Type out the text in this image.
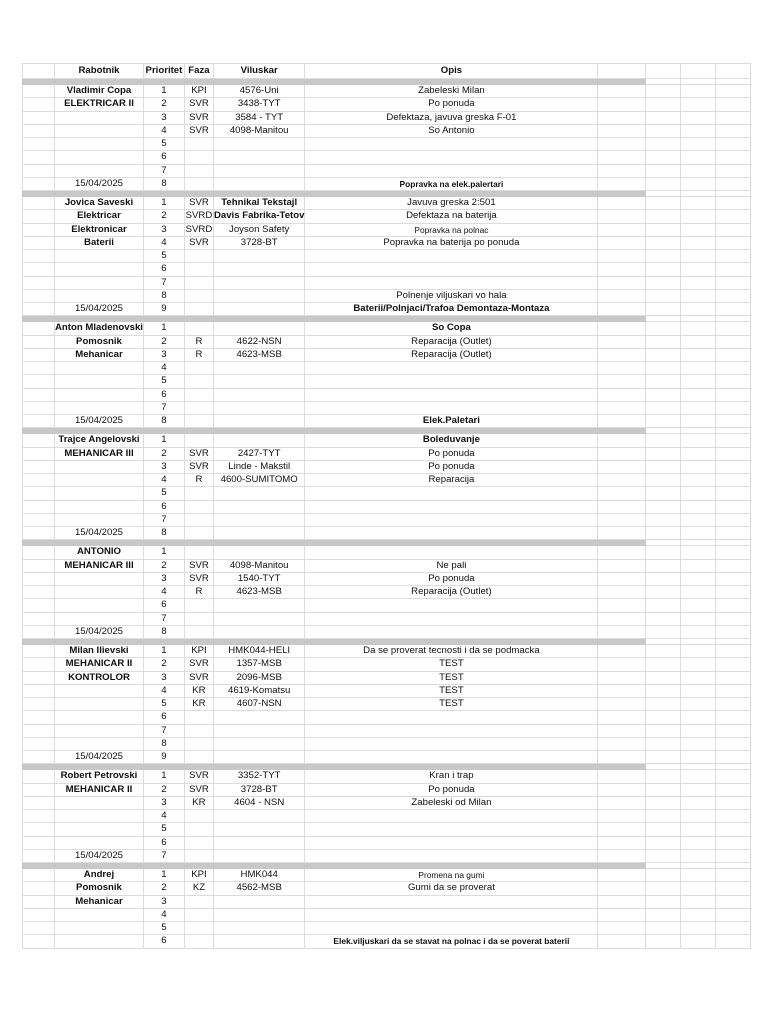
	Rabotnik	Prioritet	Faza	Viluskar	Opis				

	Vladimir Copa	1	KPI	4576-Uni	Zabeleski Milan				
	ELEKTRICAR II	2	SVR	3438-TYT	Po ponuda				
		3	SVR	3584 - TYT	Defektaza, javuva greska F-01				
		4	SVR	4098-Manitou	So Antonio				
		5							
		6							
		7							
	15/04/2025	8			Popravka na elek.palertari				

	Jovica Saveski	1	SVR	Tehnikal Tekstajl	Javuva greska 2:501				
	Elektricar	2	SVRD	Davis Fabrika-Tetov	Defektaza na baterija				
	Elektronicar	3	SVRD	Joyson Safety	Popravka na polnac				
	Baterii	4	SVR	3728-BT	Popravka na baterija po ponuda				
		5							
		6							
		7							
		8			Polnenje viljuskari vo hala				
	15/04/2025	9			Baterii/Polnjaci/Trafoa Demontaza-Montaza				

	Anton Mladenovski	1			So Copa				
	Pomosnik	2	R	4622-NSN	Reparacija (Outlet)				
	Mehanicar	3	R	4623-MSB	Reparacija (Outlet)				
		4							
		5							
		6							
		7							
	15/04/2025	8			Elek.Paletari				

	Trajce Angelovski	1			Boleduvanje				
	MEHANICAR III	2	SVR	2427-TYT	Po ponuda				
		3	SVR	Linde - Makstil	Po ponuda				
		4	R	4600-SUMITOMO	Reparacija				
		5							
		6							
		7							
	15/04/2025	8							

	ANTONIO	1							
	MEHANICAR III	2	SVR	4098-Manitou	Ne pali				
		3	SVR	1540-TYT	Po ponuda				
		4	R	4623-MSB	Reparacija (Outlet)				
		6							
		7							
	15/04/2025	8							

	Milan Ilievski	1	KPI	HMK044-HELI	Da se proverat tecnosti i da se podmacka				
	MEHANICAR II	2	SVR	1357-MSB	TEST				
	KONTROLOR	3	SVR	2096-MSB	TEST				
		4	KR	4619-Komatsu	TEST				
		5	KR	4607-NSN	TEST				
		6							
		7							
		8							
	15/04/2025	9							

	Robert Petrovski	1	SVR	3352-TYT	Kran i trap				
	MEHANICAR II	2	SVR	3728-BT	Po ponuda				
		3	KR	4604 - NSN	Zabeleski od Milan				
		4							
		5							
		6							
	15/04/2025	7							

	Andrej	1	KPI	HMK044	Promena na gumi				
	Pomosnik	2	KZ	4562-MSB	Gumi da se proverat				
	Mehanicar	3							
		4							
		5							
		6			Elek.viljuskari da se stavat na polnac i da se poverat baterii				
